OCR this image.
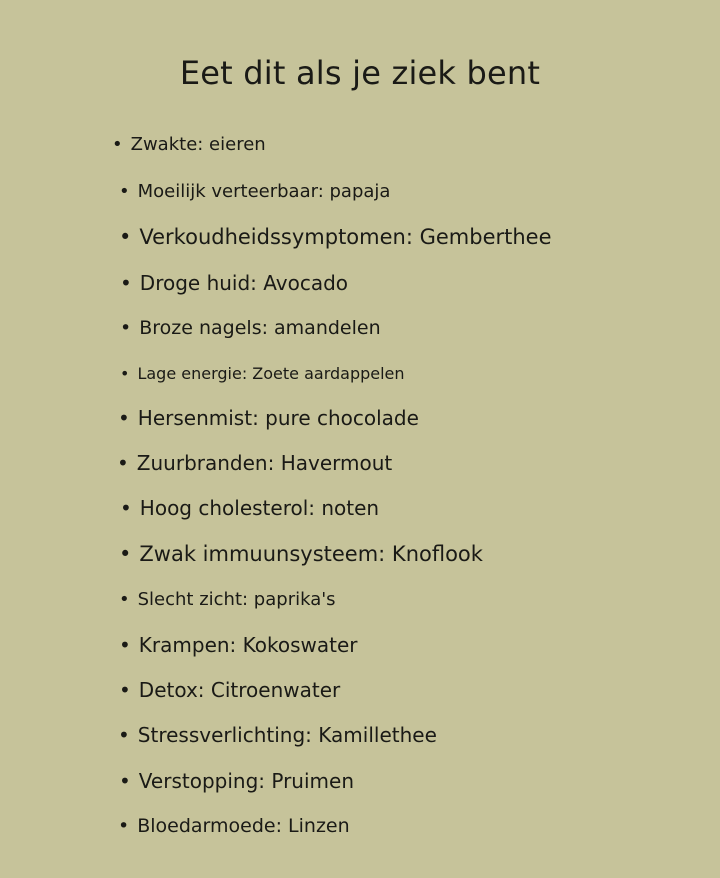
Eet dit als je ziek bent
• Zwakte: eieren
• Moeilijk verteerbaar: papaja
• Verkoudheidssymptomen: Gemberthee
• Droge huid: Avocado
• Broze nagels: amandelen
• Lage energie: Zoete aardappelen
• Hersenmist: pure chocolade
• Zuurbranden: Havermout
• Hoog cholesterol: noten
• Zwak immuunsysteem: Knoflook
• Slecht zicht: paprika's
• Krampen: Kokoswater
• Detox: Citroenwater
• Stressverlichting: Kamillethee
• Verstopping: Pruimen
• Bloedarmoede: Linzen
